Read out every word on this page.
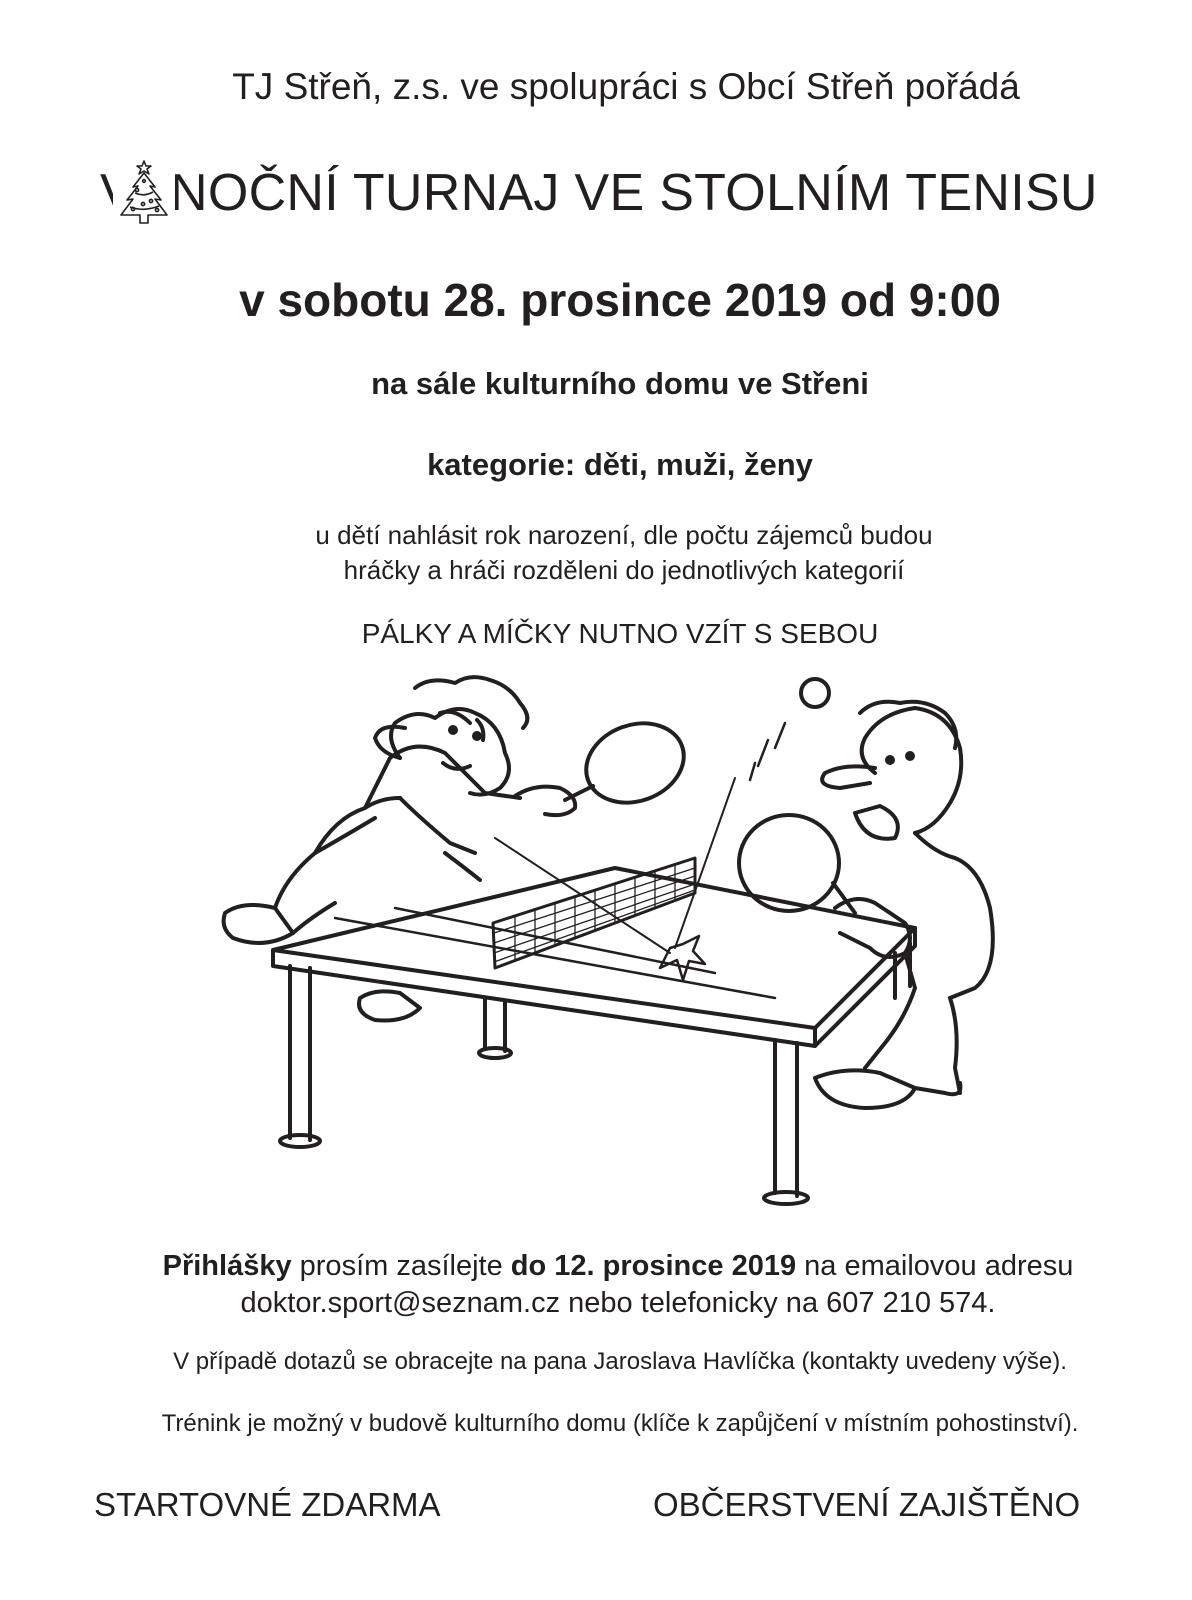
TJ Střeň, z.s. ve spolupráci s Obcí Střeň pořádá
VÁNOČNÍ TURNAJ VE STOLNÍM TENISU
v sobotu 28. prosince 2019 od 9:00
na sále kulturního domu ve Střeni
kategorie: děti, muži, ženy
u dětí nahlásit rok narození, dle počtu zájemců budou
hráčky a hráči rozděleni do jednotlivých kategorií
PÁLKY A MÍČKY NUTNO VZÍT S SEBOU
Přihlášky prosím zasílejte do 12. prosince 2019 na emailovou adresu
doktor.sport@seznam.cz nebo telefonicky na 607 210 574.
V případě dotazů se obracejte na pana Jaroslava Havlíčka (kontakty uvedeny výše).
Trénink je možný v budově kulturního domu (klíče k zapůjčení v místním pohostinství).
STARTOVNÉ ZDARMA	OBČERSTVENÍ ZAJIŠTĚNO
